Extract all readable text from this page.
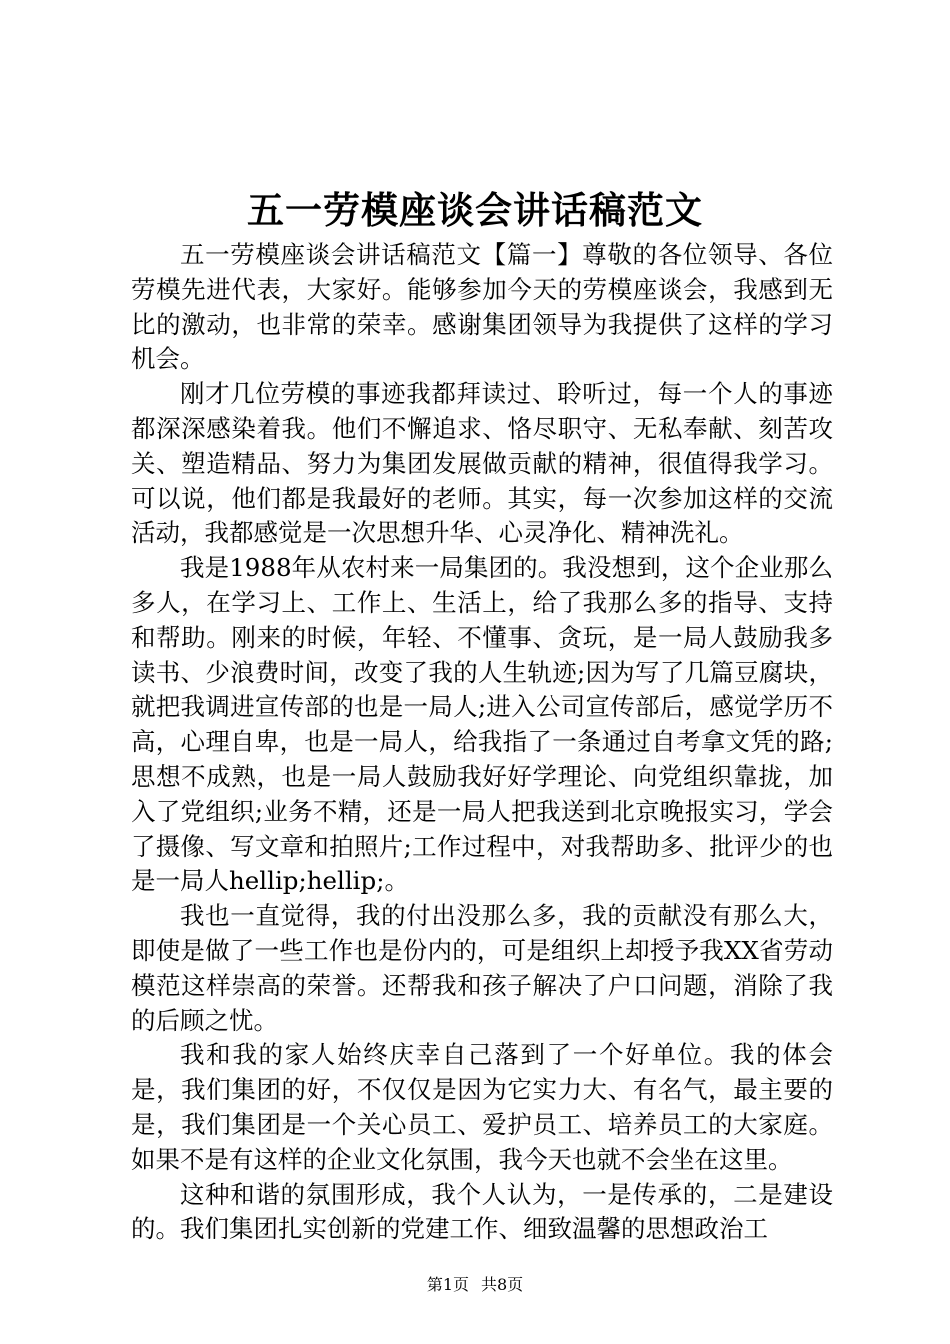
五一劳模座谈会讲话稿范文

五一劳模座谈会讲话稿范文【篇一】尊敬的各位领导、各位劳模先进代表，大家好。能够参加今天的劳模座谈会，我感到无比的激动，也非常的荣幸。感谢集团领导为我提供了这样的学习机会。

刚才几位劳模的事迹我都拜读过、聆听过，每一个人的事迹都深深感染着我。他们不懈追求、恪尽职守、无私奉献、刻苦攻关、塑造精品、努力为集团发展做贡献的精神，很值得我学习。可以说，他们都是我最好的老师。其实，每一次参加这样的交流活动，我都感觉是一次思想升华、心灵净化、精神洗礼。

我是1988年从农村来一局集团的。我没想到，这个企业那么多人，在学习上、工作上、生活上，给了我那么多的指导、支持和帮助。刚来的时候，年轻、不懂事、贪玩，是一局人鼓励我多读书、少浪费时间，改变了我的人生轨迹;因为写了几篇豆腐块，就把我调进宣传部的也是一局人;进入公司宣传部后，感觉学历不高，心理自卑，也是一局人，给我指了一条通过自考拿文凭的路;思想不成熟，也是一局人鼓励我好好学理论、向党组织靠拢，加入了党组织;业务不精，还是一局人把我送到北京晚报实习，学会了摄像、写文章和拍照片;工作过程中，对我帮助多、批评少的也是一局人hellip;hellip;。

我也一直觉得，我的付出没那么多，我的贡献没有那么大，即使是做了一些工作也是份内的，可是组织上却授予我XX省劳动模范这样崇高的荣誉。还帮我和孩子解决了户口问题，消除了我的后顾之忧。

我和我的家人始终庆幸自己落到了一个好单位。我的体会是，我们集团的好，不仅仅是因为它实力大、有名气，最主要的是，我们集团是一个关心员工、爱护员工、培养员工的大家庭。如果不是有这样的企业文化氛围，我今天也就不会坐在这里。

这种和谐的氛围形成，我个人认为，一是传承的，二是建设的。我们集团扎实创新的党建工作、细致温馨的思想政治工

第1页 共8页
